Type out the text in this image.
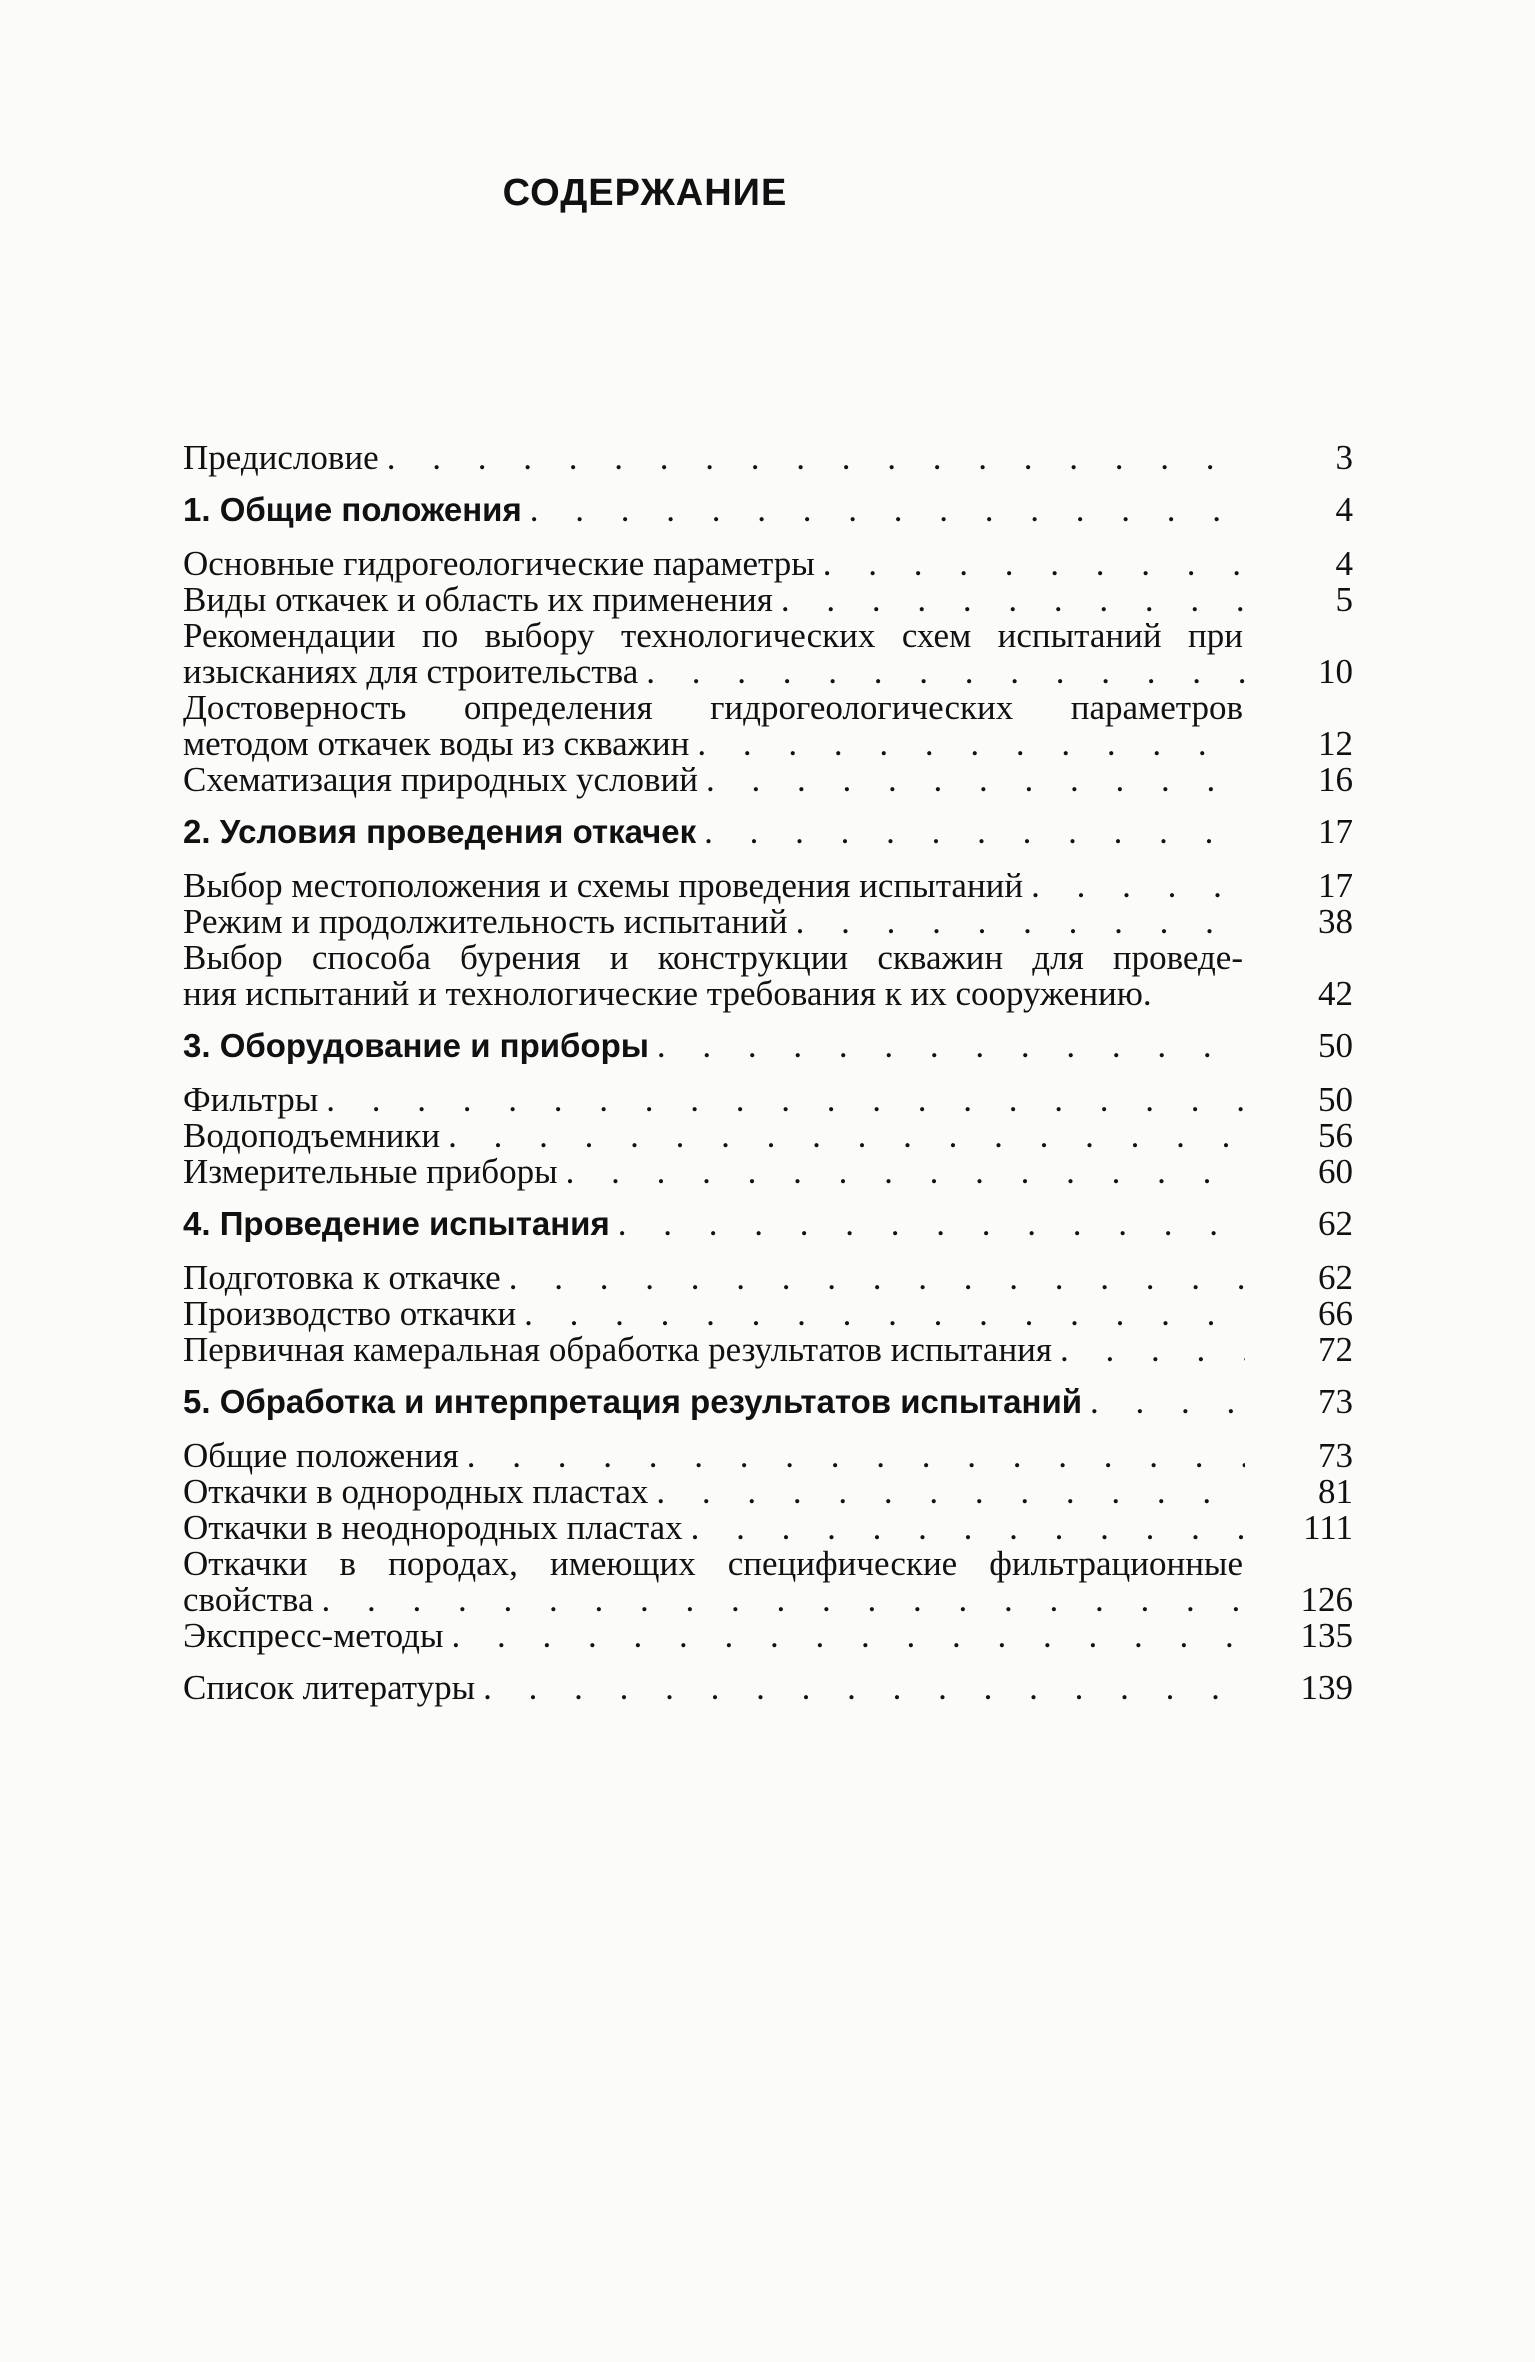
СОДЕРЖАНИЕ
Предисловие . . .	3
1. Общие положения . . .	4
Основные гидрогеологические параметры . . .	4
Виды откачек и область их применения . . .	5
Рекомендации по выбору технологических схем испытаний при
изысканиях для строительства . . .	10
Достоверность определения гидрогеологических параметров
методом откачек воды из скважин . . .	12
Схематизация природных условий . . .	16
2. Условия проведения откачек . . .	17
Выбор местоположения и схемы проведения испытаний . . .	17
Режим и продолжительность испытаний . . .	38
Выбор способа бурения и конструкции скважин для проведе-
ния испытаний и технологические требования к их сооружению.	42
3. Оборудование и приборы . . .	50
Фильтры . . .	50
Водоподъемники . . .	56
Измерительные приборы . . .	60
4. Проведение испытания . . .	62
Подготовка к откачке . . .	62
Производство откачки . . .	66
Первичная камеральная обработка результатов испытания . . .	72
5. Обработка и интерпретация результатов испытаний . . .	73
Общие положения . . .	73
Откачки в однородных пластах . . .	81
Откачки в неоднородных пластах . . .	111
Откачки в породах, имеющих специфические фильтрационные
свойства . . .	126
Экспресс-методы . . .	135
Список литературы . . .	139
